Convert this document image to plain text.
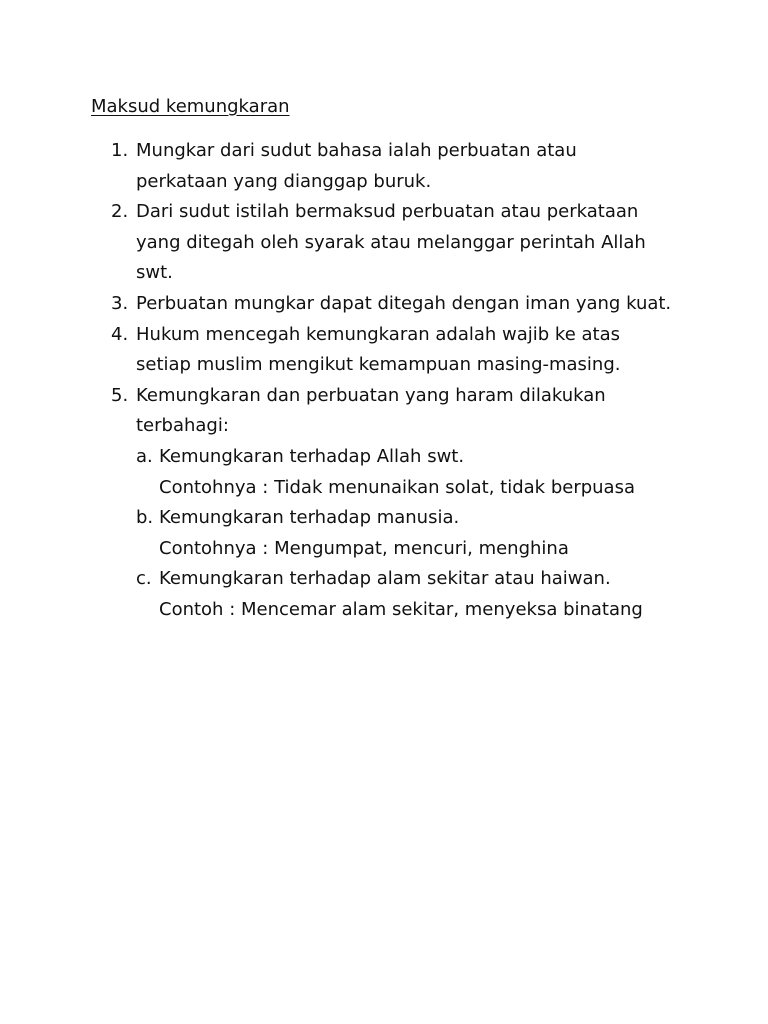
Maksud kemungkaran
1. Mungkar dari sudut bahasa ialah perbuatan atau
perkataan yang dianggap buruk.
2. Dari sudut istilah bermaksud perbuatan atau perkataan
yang ditegah oleh syarak atau melanggar perintah Allah
swt.
3. Perbuatan mungkar dapat ditegah dengan iman yang kuat.
4. Hukum mencegah kemungkaran adalah wajib ke atas
setiap muslim mengikut kemampuan masing-masing.
5. Kemungkaran dan perbuatan yang haram dilakukan
terbahagi:
a. Kemungkaran terhadap Allah swt.
Contohnya : Tidak menunaikan solat, tidak berpuasa
b. Kemungkaran terhadap manusia.
Contohnya : Mengumpat, mencuri, menghina
c. Kemungkaran terhadap alam sekitar atau haiwan.
Contoh : Mencemar alam sekitar, menyeksa binatang
